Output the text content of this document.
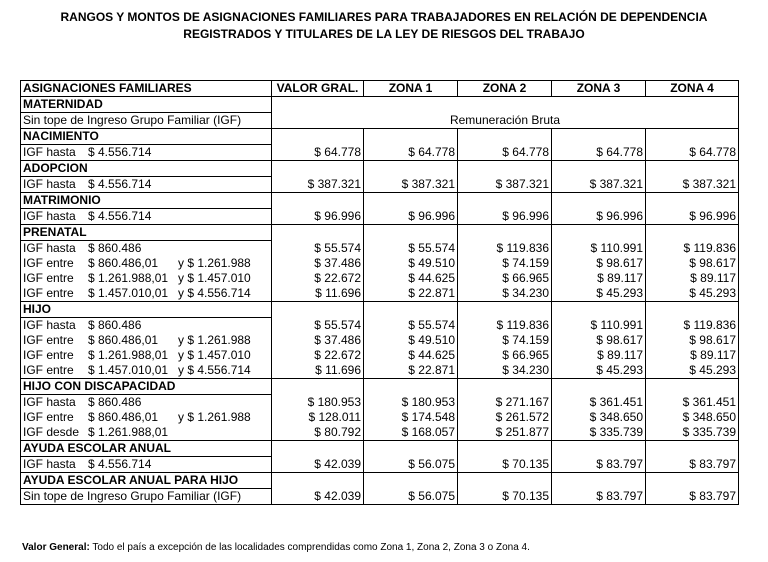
RANGOS Y MONTOS DE ASIGNACIONES FAMILIARES PARA TRABAJADORES EN RELACIÓN DE DEPENDENCIA
REGISTRADOS Y TITULARES DE LA LEY DE RIESGOS DEL TRABAJO
ASIGNACIONES FAMILIARES	VALOR GRAL.	ZONA 1	ZONA 2	ZONA 3	ZONA 4
MATERNIDAD					
Sin tope de Ingreso Grupo Familiar (IGF)	Remuneración Bruta				
NACIMIENTO					
IGF hasta $ 4.556.714	$ 64.778	$ 64.778	$ 64.778	$ 64.778	$ 64.778
ADOPCION					
IGF hasta $ 4.556.714	$ 387.321	$ 387.321	$ 387.321	$ 387.321	$ 387.321
MATRIMONIO					
IGF hasta $ 4.556.714	$ 96.996	$ 96.996	$ 96.996	$ 96.996	$ 96.996
PRENATAL					
IGF hasta $ 860.486	$ 55.574	$ 55.574	$ 119.836	$ 110.991	$ 119.836
IGF entre $ 860.486,01 y $ 1.261.988	$ 37.486	$ 49.510	$ 74.159	$ 98.617	$ 98.617
IGF entre $ 1.261.988,01 y $ 1.457.010	$ 22.672	$ 44.625	$ 66.965	$ 89.117	$ 89.117
IGF entre $ 1.457.010,01 y $ 4.556.714	$ 11.696	$ 22.871	$ 34.230	$ 45.293	$ 45.293
HIJO					
IGF hasta $ 860.486	$ 55.574	$ 55.574	$ 119.836	$ 110.991	$ 119.836
IGF entre $ 860.486,01 y $ 1.261.988	$ 37.486	$ 49.510	$ 74.159	$ 98.617	$ 98.617
IGF entre $ 1.261.988,01 y $ 1.457.010	$ 22.672	$ 44.625	$ 66.965	$ 89.117	$ 89.117
IGF entre $ 1.457.010,01 y $ 4.556.714	$ 11.696	$ 22.871	$ 34.230	$ 45.293	$ 45.293
HIJO CON DISCAPACIDAD					
IGF hasta $ 860.486	$ 180.953	$ 180.953	$ 271.167	$ 361.451	$ 361.451
IGF entre $ 860.486,01 y $ 1.261.988	$ 128.011	$ 174.548	$ 261.572	$ 348.650	$ 348.650
IGF desde $ 1.261.988,01	$ 80.792	$ 168.057	$ 251.877	$ 335.739	$ 335.739
AYUDA ESCOLAR ANUAL					
IGF hasta $ 4.556.714	$ 42.039	$ 56.075	$ 70.135	$ 83.797	$ 83.797
AYUDA ESCOLAR ANUAL PARA HIJO					
Sin tope de Ingreso Grupo Familiar (IGF)	$ 42.039	$ 56.075	$ 70.135	$ 83.797	$ 83.797
Valor General: Todo el país a excepción de las localidades comprendidas como Zona 1, Zona 2, Zona 3 o Zona 4.
